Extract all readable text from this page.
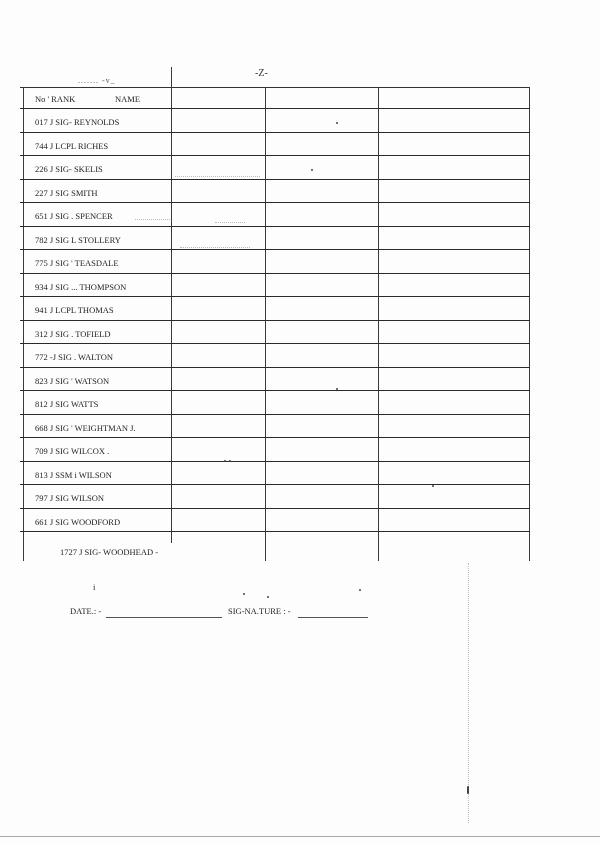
....... -v_
-Z-
No ' RANK	NAME
017 J SIG- REYNOLDS
744 J LCPL RICHES
226 J SIG- SKELIS
227 J SIG SMITH
651 J SIG . SPENCER
782 J SIG L STOLLERY
775 J SIG ' TEASDALE
934 J SIG ... THOMPSON
941 J LCPL THOMAS
312 J SIG . TOFIELD
772 -J SIG . WALTON
823 J SIG ' WATSON
812 J SIG WATTS
668 J SIG ' WEIGHTMAN J.
709 J SIG WILCOX .
813 J SSM i WILSON
797 J SIG WILSON
661 J SIG WOODFORD
1727 J SIG- WOODHEAD -
i
DATE.: -	SIG-NA.TURE : -
